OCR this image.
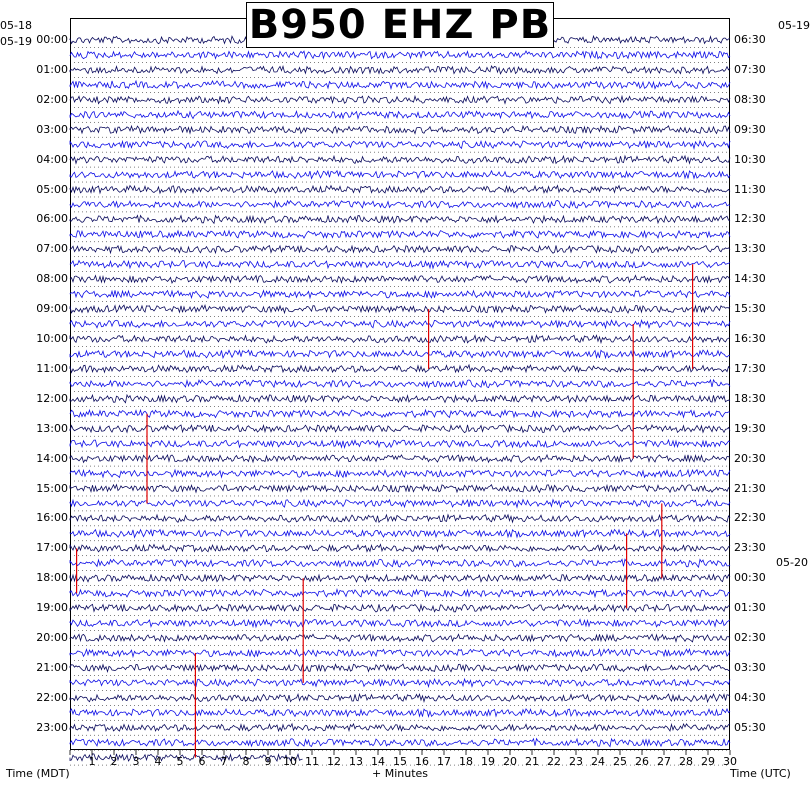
B950 EHZ PB
05-18
05-19
05-19
05-20
00:00
01:00
02:00
03:00
04:00
05:00
06:00
07:00
08:00
09:00
10:00
11:00
12:00
13:00
14:00
15:00
16:00
17:00
18:00
19:00
20:00
21:00
22:00
23:00
06:30
07:30
08:30
09:30
10:30
11:30
12:30
13:30
14:30
15:30
16:30
17:30
18:30
19:30
20:30
21:30
22:30
23:30
00:30
01:30
02:30
03:30
04:30
05:30
1	2	3	4	5	6	7	8	9	10 11 12 13 14 15 16 17 18 19 20 21 22 23 24 25 26 27 28 29 30
Time (MDT)	+ Minutes	Time (UTC)
